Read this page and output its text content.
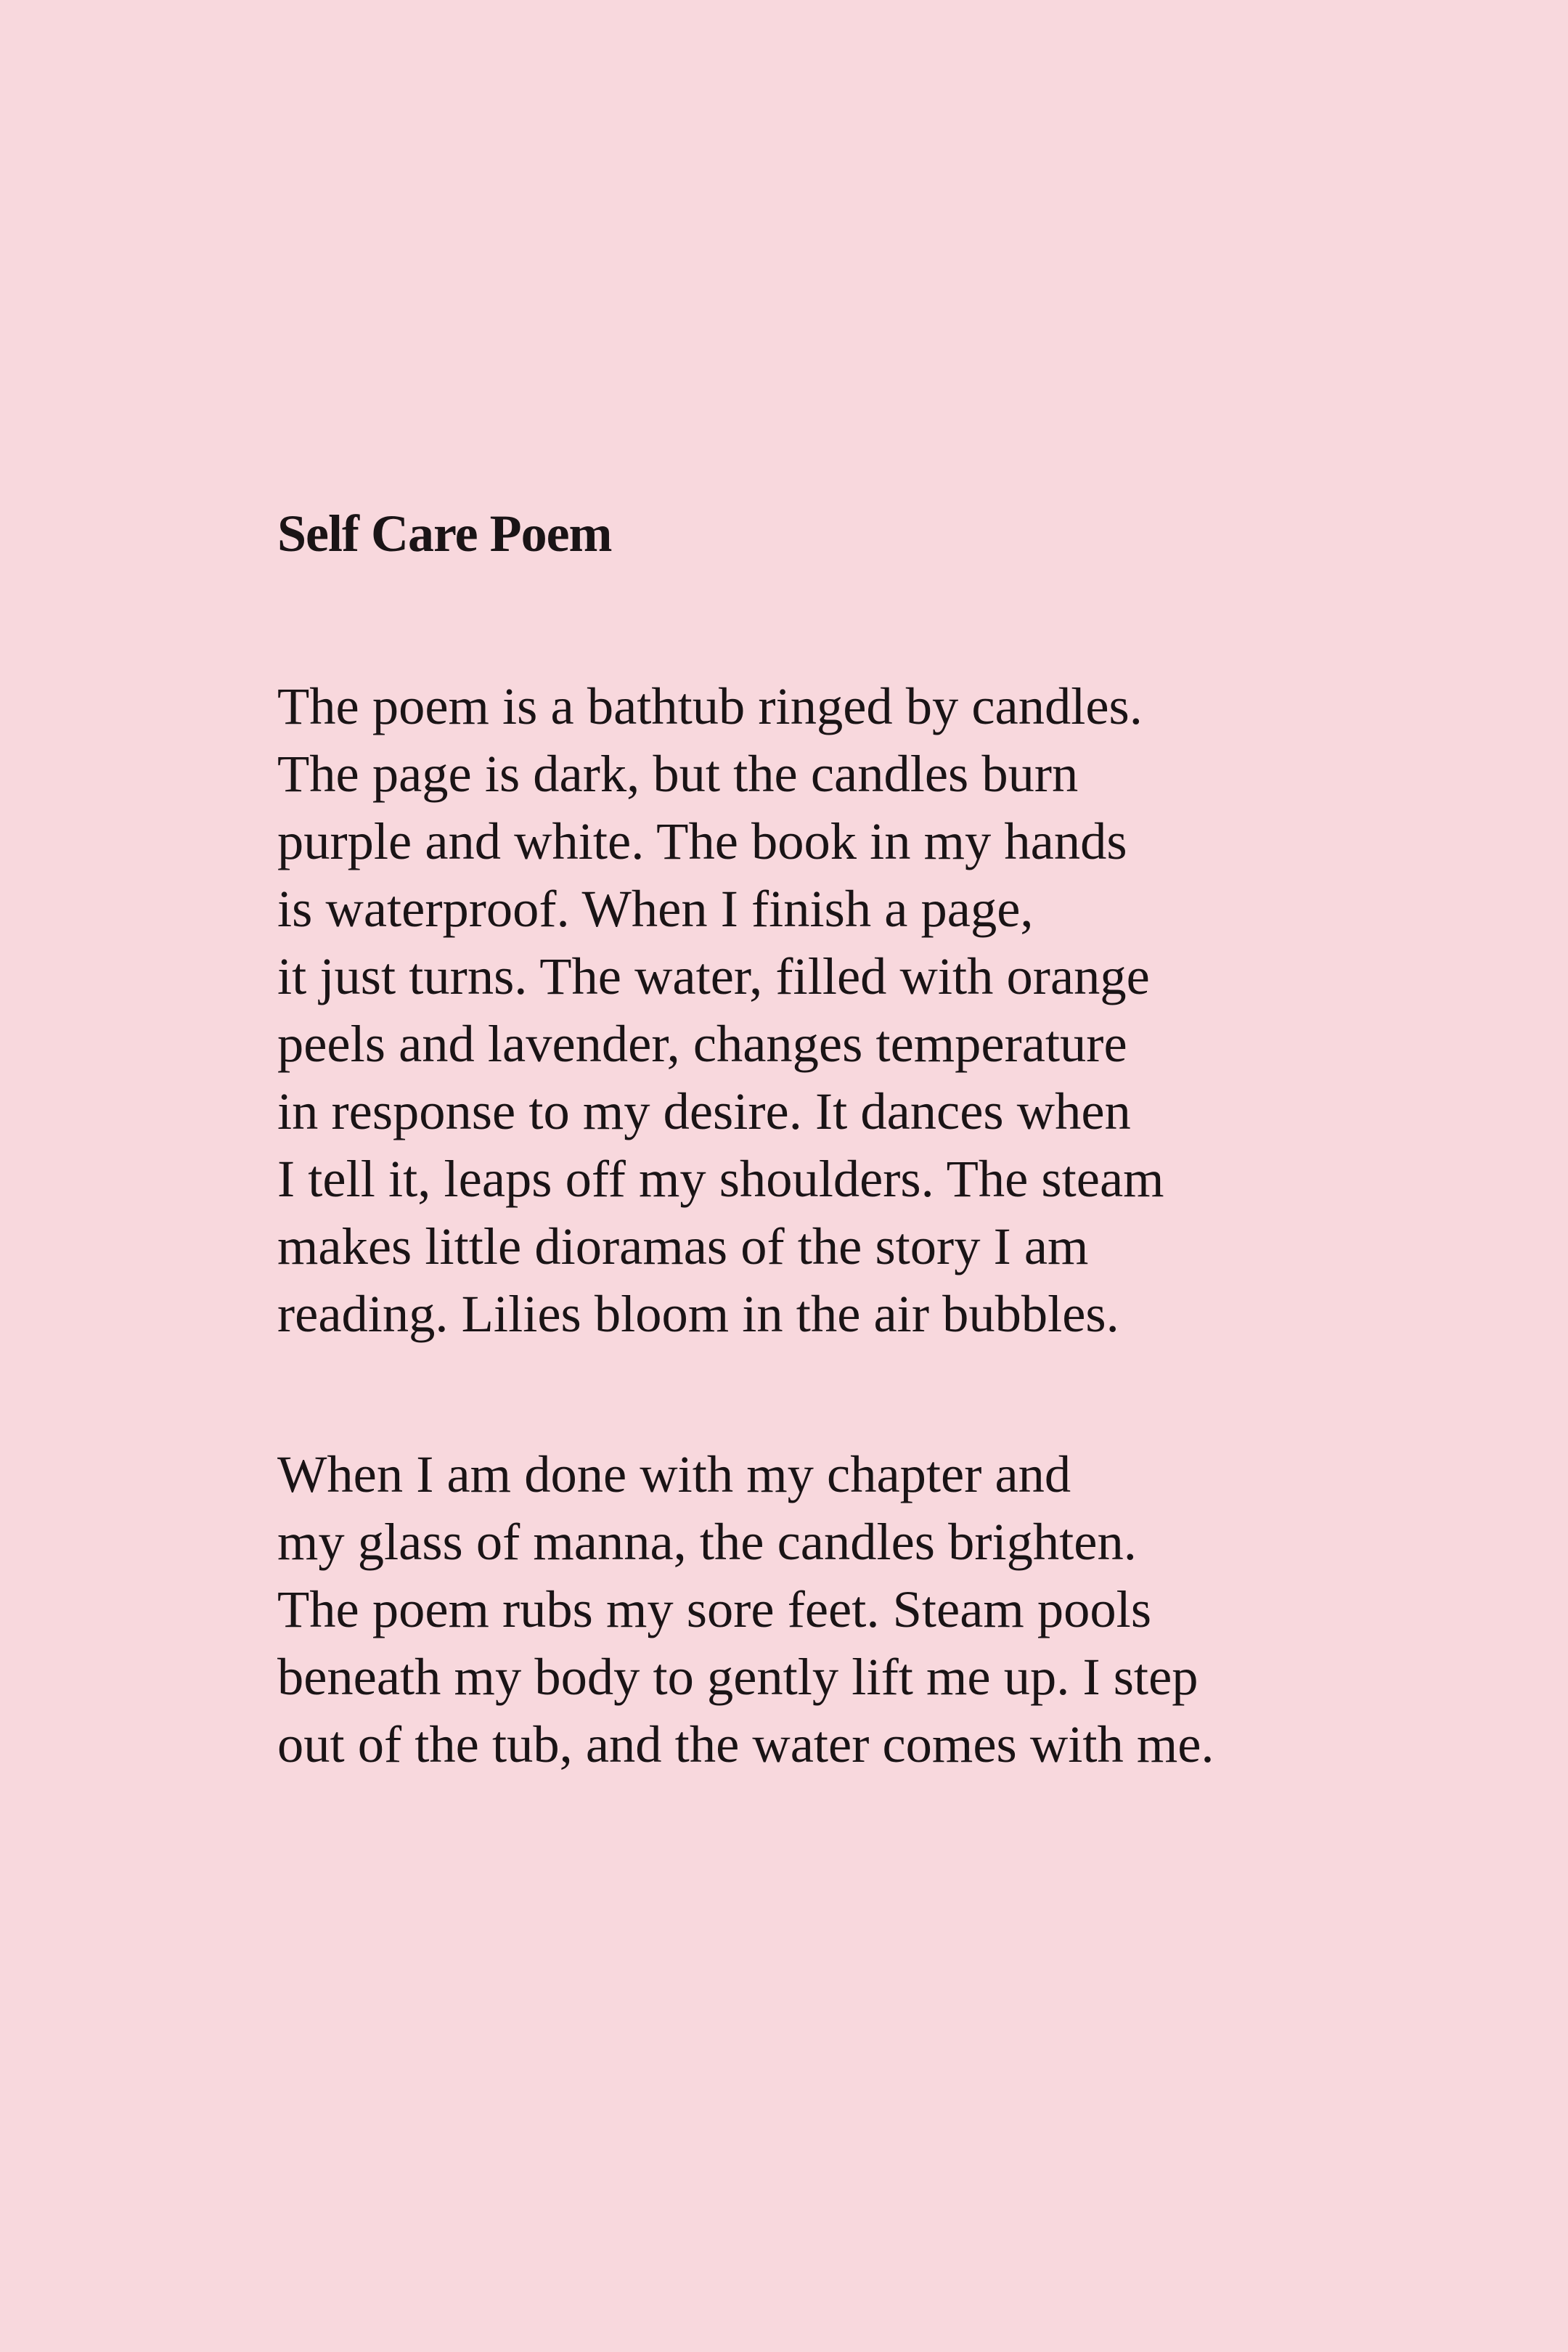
Self Care Poem
The poem is a bathtub ringed by candles.
The page is dark, but the candles burn
purple and white. The book in my hands
is waterproof. When I finish a page,
it just turns. The water, filled with orange
peels and lavender, changes temperature
in response to my desire. It dances when
I tell it, leaps off my shoulders. The steam
makes little dioramas of the story I am
reading. Lilies bloom in the air bubbles.
When I am done with my chapter and
my glass of manna, the candles brighten.
The poem rubs my sore feet. Steam pools
beneath my body to gently lift me up. I step
out of the tub, and the water comes with me.
